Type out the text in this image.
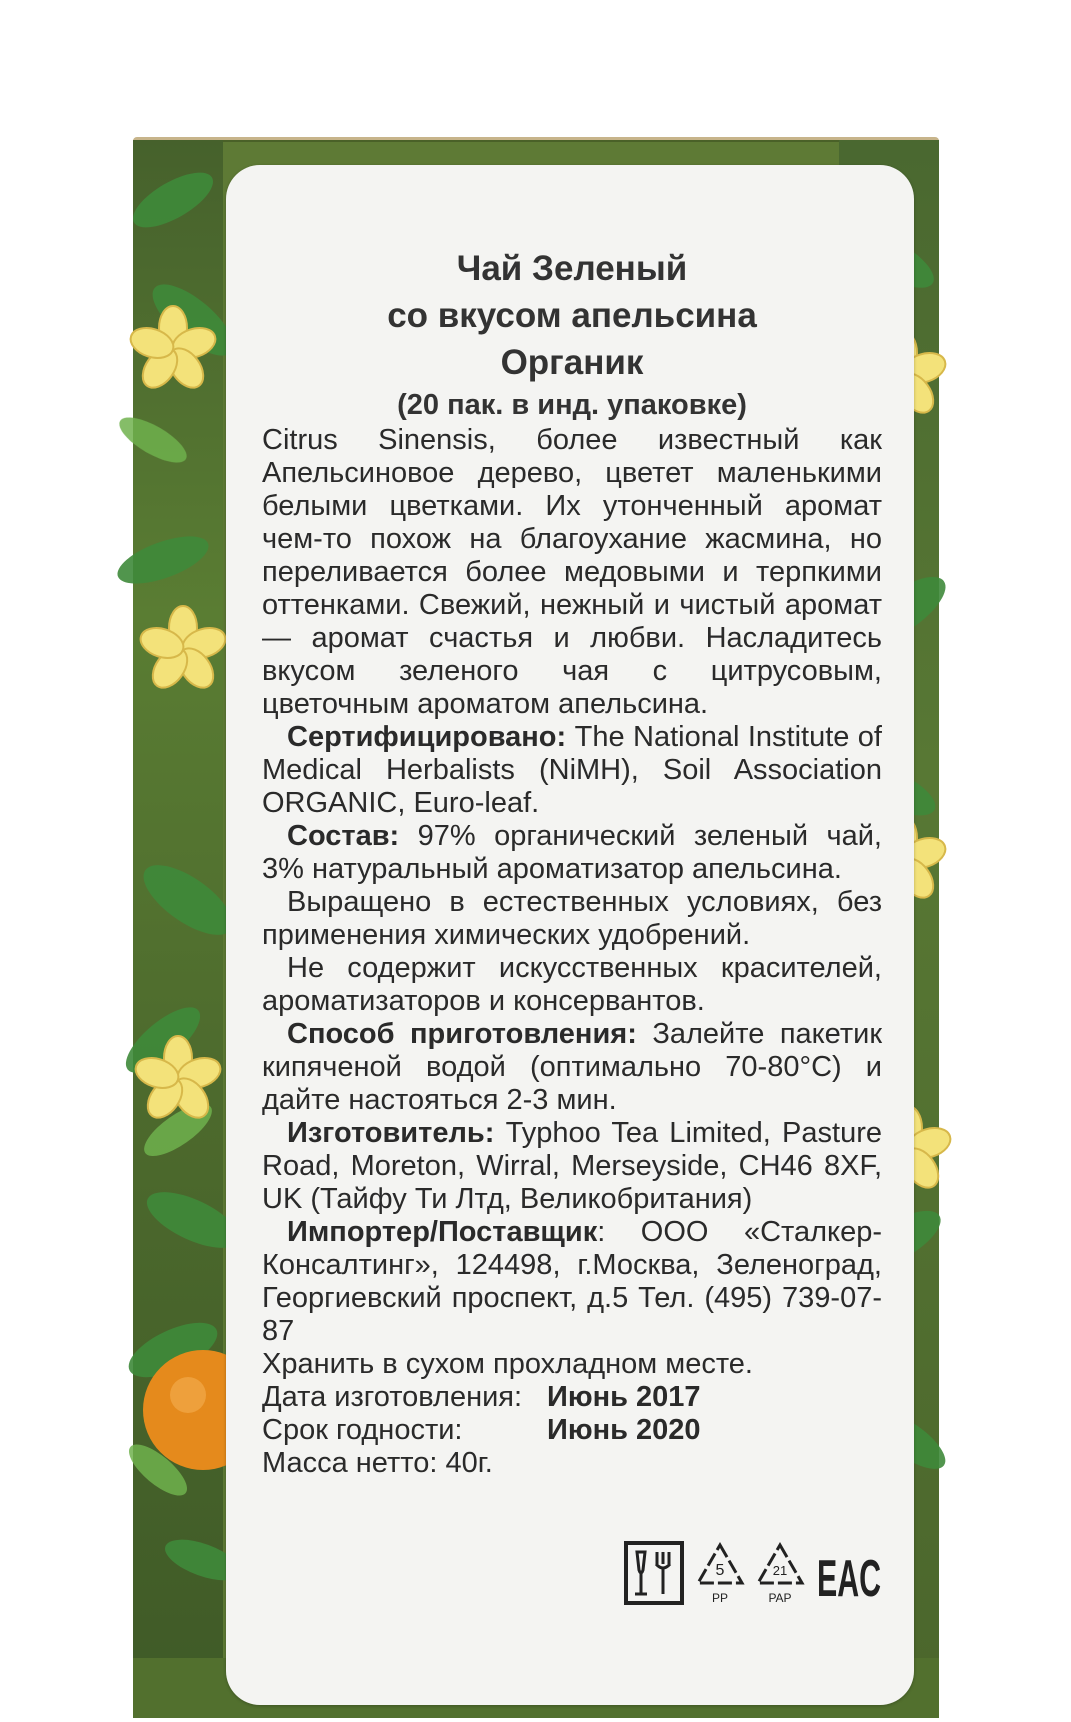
Чай Зеленый
со вкусом апельсина
Органик
(20 пак. в инд. упаковке)
Citrus Sinensis, более известный как Апельсиновое дерево, цветет маленькими белыми цветками. Их утонченный аромат чем-то похож на благоухание жасмина, но переливается более медовыми и терпкими оттенками. Свежий, нежный и чистый аромат — аромат счастья и любви. Насладитесь вкусом зеленого чая с цитрусовым, цветочным ароматом апельсина.
Сертифицировано: The National Institute of Medical Herbalists (NiMH), Soil Association ORGANIC, Euro-leaf.
Состав: 97% органический зеленый чай, 3% натуральный ароматизатор апельсина.
Выращено в естественных условиях, без применения химических удобрений.
Не содержит искусственных красителей, ароматизаторов и консервантов.
Способ приготовления: Залейте пакетик кипяченой водой (оптимально 70-80°С) и дайте настояться 2-3 мин.
Изготовитель: Typhoo Tea Limited, Pasture Road, Moreton, Wirral, Merseyside, CH46 8XF, UK (Тайфу Ти Лтд, Великобритания)
Импортер/Поставщик: ООО «Сталкер-Консалтинг», 124498, г.Москва, Зеленоград, Георгиевский проспект, д.5 Тел. (495) 739-07-87
Хранить в сухом прохладном месте.
Дата изготовления: Июнь 2017
Срок годности:	Июнь 2020
Масса нетто: 40г.
5
PP
21
PAP EAC
